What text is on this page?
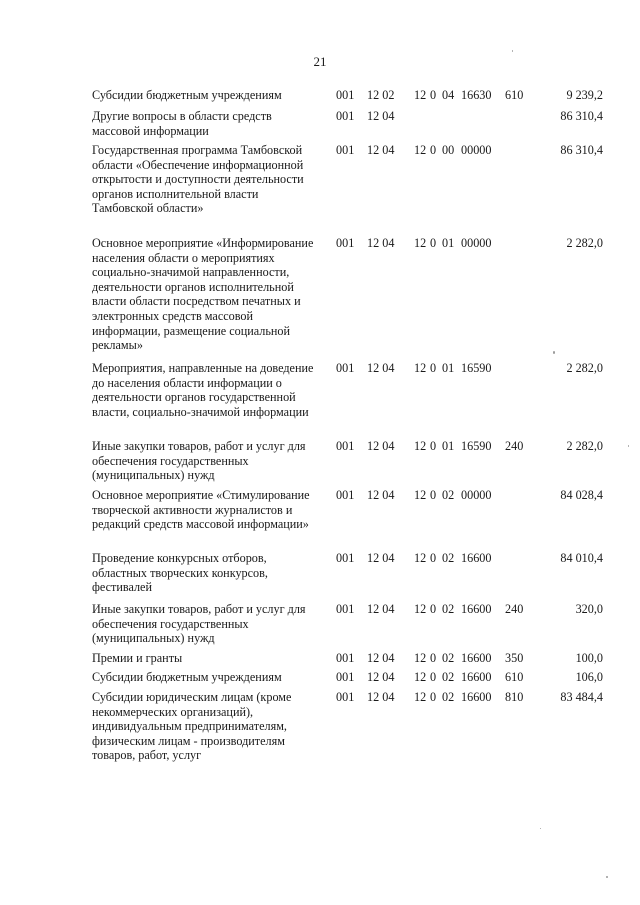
21
Субсидии бюджетным учреждениям	001 12 02 12 0 04 16630 610	9 239,2
Другие вопросы в области средств массовой информации
001 12 04	86 310,4
Государственная программа Тамбовской области «Обеспечение информационной открытости и доступности деятельности органов исполнительной власти Тамбовской области»
001 12 04 12 0 00 00000	86 310,4
Основное мероприятие «Информирование населения области о мероприятиях социально-значимой направленности, деятельности органов исполнительной власти области посредством печатных и электронных средств массовой информации, размещение социальной рекламы»
001 12 04 12 0 01 00000	2 282,0
Мероприятия, направленные на доведение до населения области информации о деятельности органов государственной власти, социально-значимой информации
001 12 04 12 0 01 16590	2 282,0
Иные закупки товаров, работ и услуг для обеспечения государственных (муниципальных) нужд
001 12 04 12 0 01 16590 240	2 282,0
Основное мероприятие «Стимулирование творческой активности журналистов и редакций средств массовой информации»
001 12 04 12 0 02 00000	84 028,4
Проведение конкурсных отборов, областных творческих конкурсов, фестивалей
001 12 04 12 0 02 16600	84 010,4
Иные закупки товаров, работ и услуг для обеспечения государственных (муниципальных) нужд
001 12 04 12 0 02 16600 240	320,0
Премии и гранты	001 12 04 12 0 02 16600 350	100,0
Субсидии бюджетным учреждениям	001 12 04 12 0 02 16600 610	106,0
Субсидии юридическим лицам (кроме некоммерческих организаций), индивидуальным предпринимателям, физическим лицам - производителям товаров, работ, услуг
001 12 04 12 0 02 16600 810	83 484,4
